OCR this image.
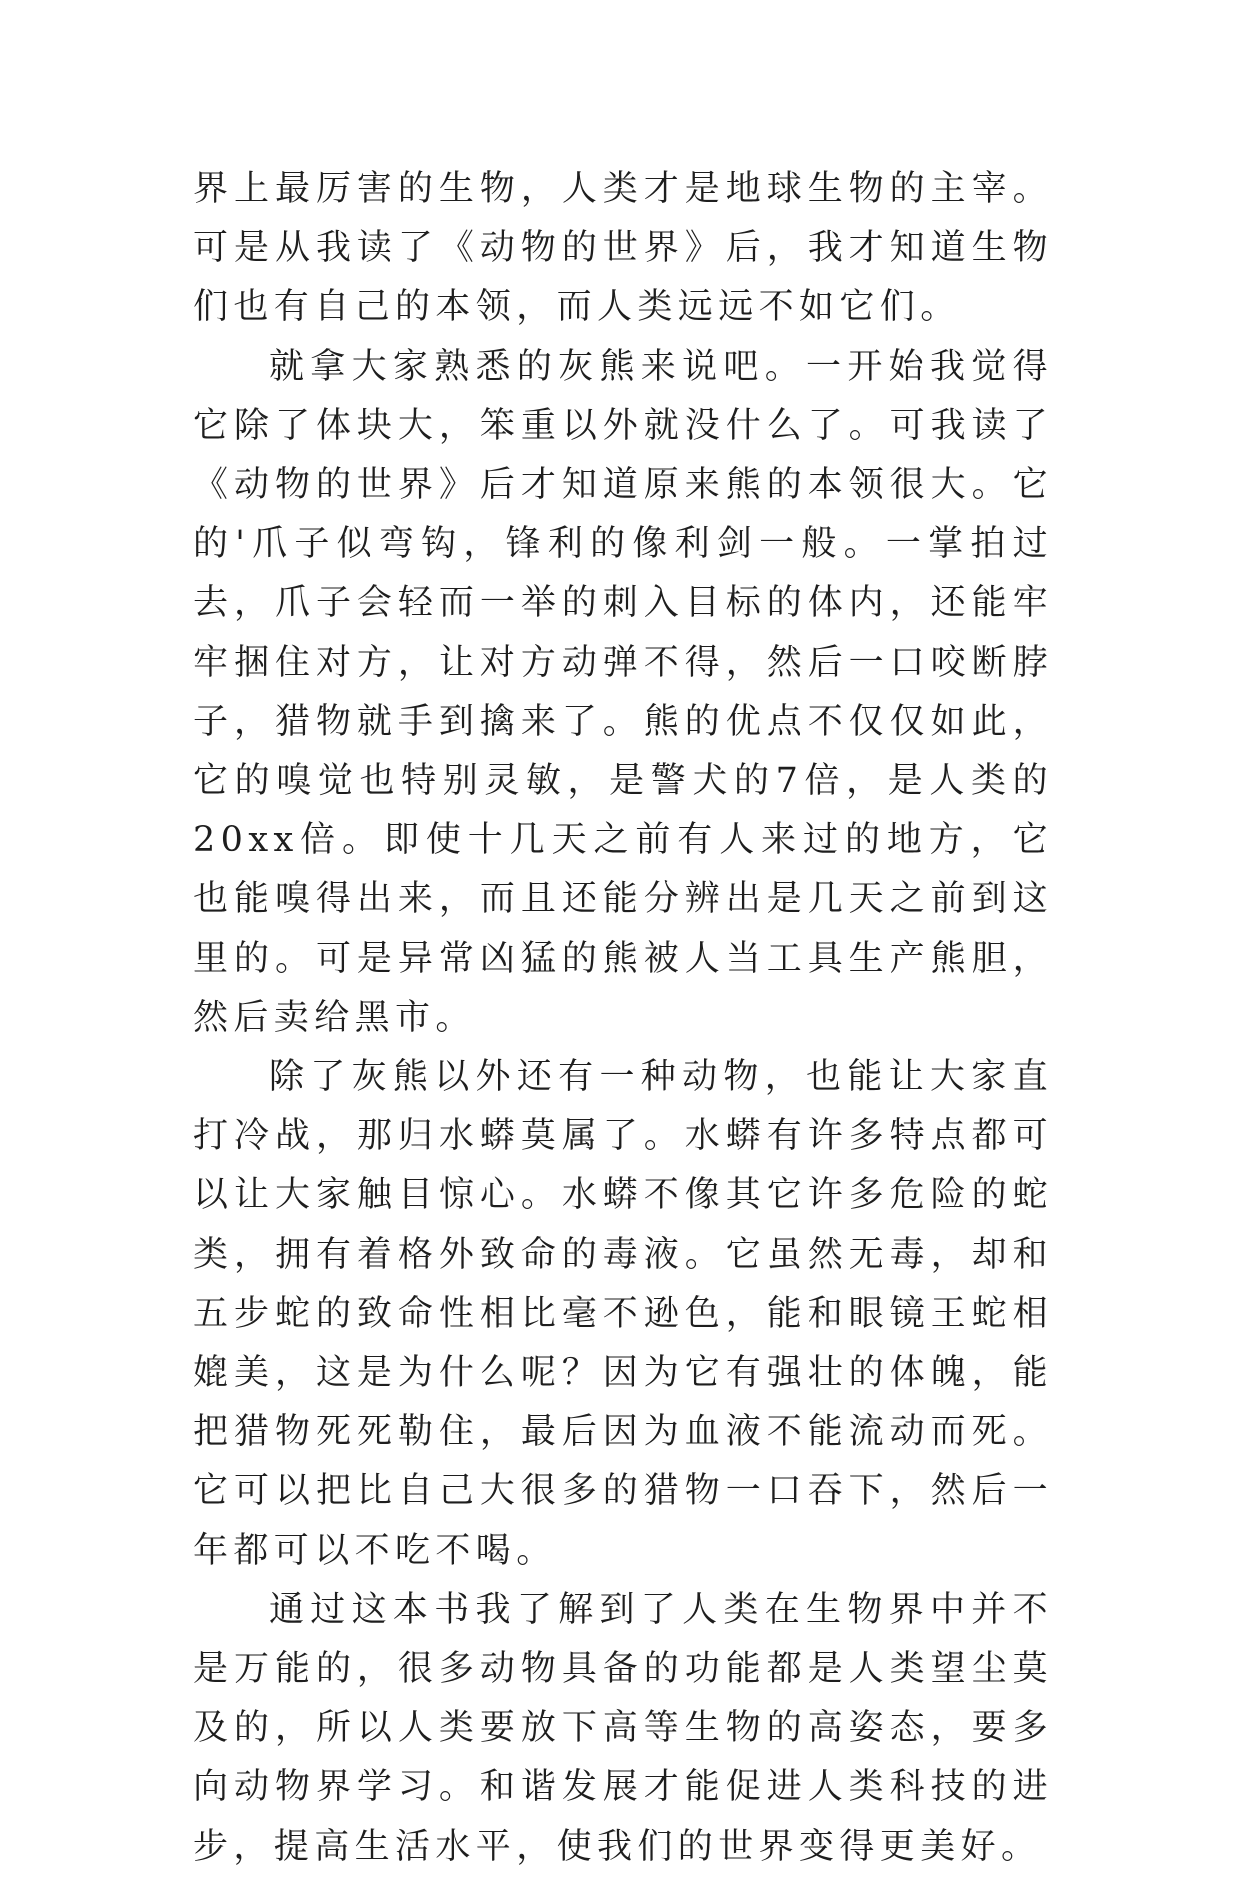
界上最厉害的生物，人类才是地球生物的主宰。可是从我读了《动物的世界》后，我才知道生物们也有自己的本领，而人类远远不如它们。

就拿大家熟悉的灰熊来说吧。一开始我觉得它除了体块大，笨重以外就没什么了。可我读了《动物的世界》后才知道原来熊的本领很大。它的'爪子似弯钩，锋利的像利剑一般。一掌拍过去，爪子会轻而一举的刺入目标的体内，还能牢牢捆住对方，让对方动弹不得，然后一口咬断脖子，猎物就手到擒来了。熊的优点不仅仅如此，它的嗅觉也特别灵敏，是警犬的7倍，是人类的20xx倍。即使十几天之前有人来过的地方，它也能嗅得出来，而且还能分辨出是几天之前到这里的。可是异常凶猛的熊被人当工具生产熊胆，然后卖给黑市。

除了灰熊以外还有一种动物，也能让大家直打冷战，那归水蟒莫属了。水蟒有许多特点都可以让大家触目惊心。水蟒不像其它许多危险的蛇类，拥有着格外致命的毒液。它虽然无毒，却和五步蛇的致命性相比毫不逊色，能和眼镜王蛇相媲美，这是为什么呢？因为它有强壮的体魄，能把猎物死死勒住，最后因为血液不能流动而死。它可以把比自己大很多的猎物一口吞下，然后一年都可以不吃不喝。

通过这本书我了解到了人类在生物界中并不是万能的，很多动物具备的功能都是人类望尘莫及的，所以人类要放下高等生物的高姿态，要多向动物界学习。和谐发展才能促进人类科技的进步，提高生活水平，使我们的世界变得更美好。
